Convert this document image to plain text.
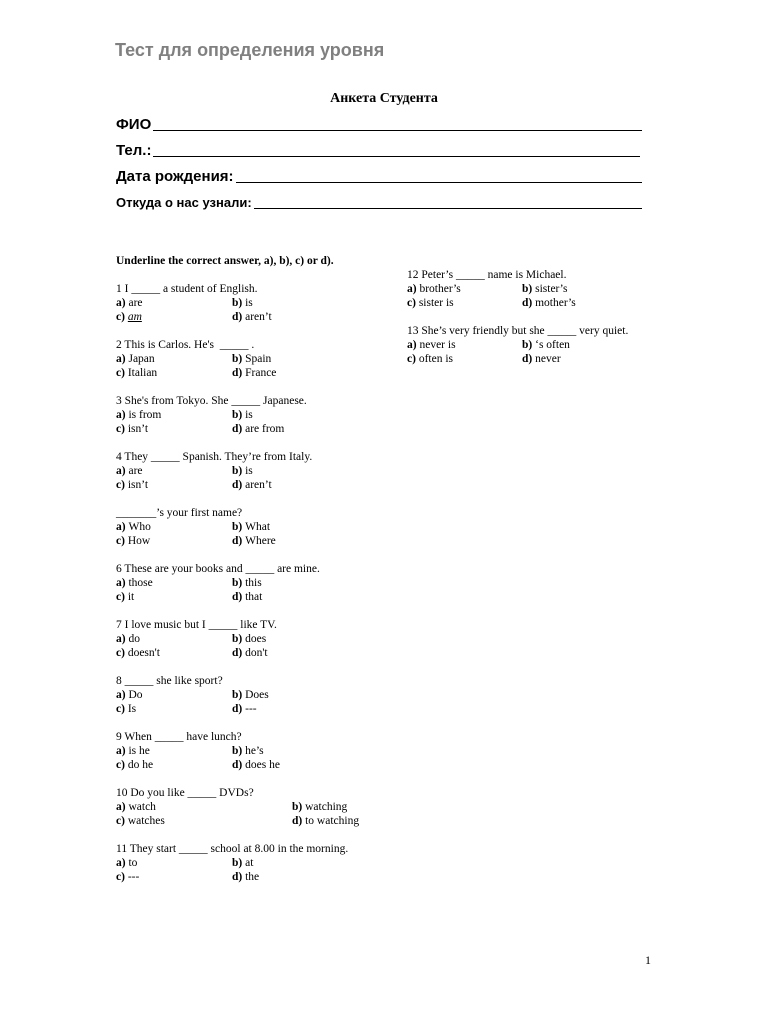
Тест для определения уровня
Анкета Студента
ФИО
Тел.:
Дата рождения:
Откуда о нас узнали:
Underline the correct answer, a), b), c) or d).
1 I _____ a student of English.
a) are	b) is
c) am	d) aren’t
2 This is Carlos. He's  _____ .
a) Japan	b) Spain
c) Italian	d) France
3 She's from Tokyo. She _____ Japanese.
a) is from	b) is
c) isn’t	d) are from
4 They _____ Spanish. They’re from Italy.
a) are	b) is
c) isn’t	d) aren’t
_______’s your first name?
a) Who	b) What
c) How	d) Where
6 These are your books and _____ are mine.
a) those	b) this
c) it	d) that
7 I love music but I _____ like TV.
a) do	b) does
c) doesn't	d) don't
8 _____ she like sport?
a) Do	b) Does
c) Is	d) ---
9 When _____ have lunch?
a) is he	b) he’s
c) do he	d) does he
10 Do you like _____ DVDs?
a) watch	b) watching
c) watches	d) to watching
11 They start _____ school at 8.00 in the morning.
a) to	b) at
c) ---	d) the
12 Peter’s _____ name is Michael.
a) brother’s	b) sister’s
c) sister is	d) mother’s
13 She’s very friendly but she _____ very quiet.
a) never is	b) ‘s often
c) often is	d) never
1
